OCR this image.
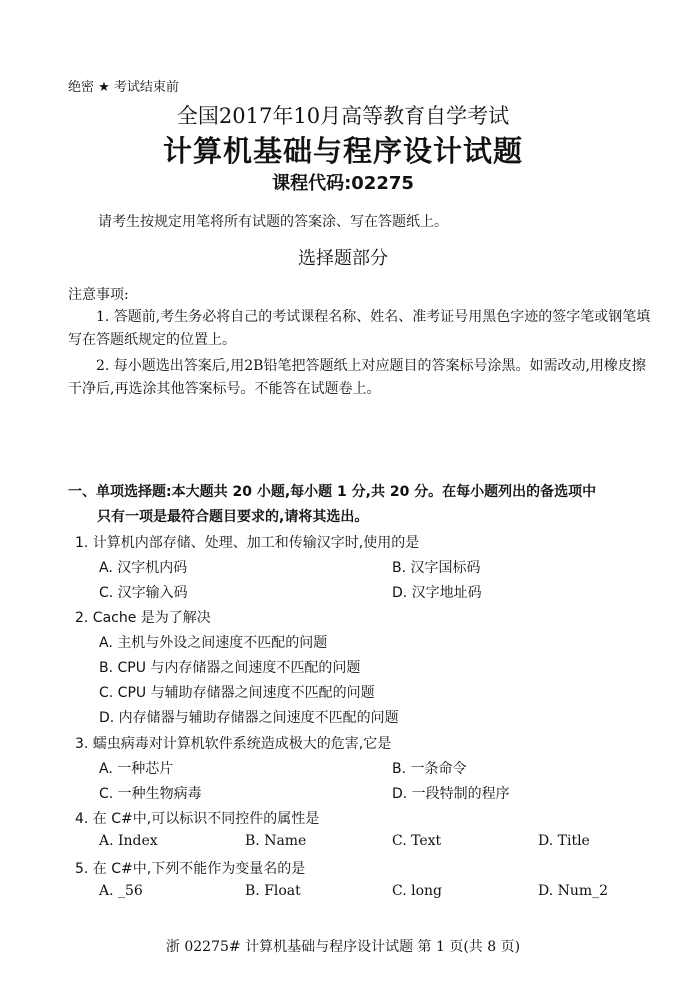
绝密 ★ 考试结束前
全国2017年10月高等教育自学考试
计算机基础与程序设计试题
课程代码:02275
请考生按规定用笔将所有试题的答案涂、写在答题纸上。
选择题部分
注意事项:
1. 答题前,考生务必将自己的考试课程名称、姓名、准考证号用黑色字迹的签字笔或钢笔填写在答题纸规定的位置上。
2. 每小题选出答案后,用2B铅笔把答题纸上对应题目的答案标号涂黑。如需改动,用橡皮擦干净后,再选涂其他答案标号。不能答在试题卷上。
一、单项选择题:本大题共 20 小题,每小题 1 分,共 20 分。在每小题列出的备选项中
只有一项是最符合题目要求的,请将其选出。
1. 计算机内部存储、处理、加工和传输汉字时,使用的是
A. 汉字机内码	B. 汉字国标码
C. 汉字输入码	D. 汉字地址码
2. Cache 是为了解决
A. 主机与外设之间速度不匹配的问题
B. CPU 与内存储器之间速度不匹配的问题
C. CPU 与辅助存储器之间速度不匹配的问题
D. 内存储器与辅助存储器之间速度不匹配的问题
3. 蠕虫病毒对计算机软件系统造成极大的危害,它是
A. 一种芯片	B. 一条命令
C. 一种生物病毒	D. 一段特制的程序
4. 在 C#中,可以标识不同控件的属性是
A. Index	B. Name	C. Text	D. Title
5. 在 C#中,下列不能作为变量名的是
A. _56	B. Float	C. long	D. Num_2
浙 02275# 计算机基础与程序设计试题 第 1 页(共 8 页)
